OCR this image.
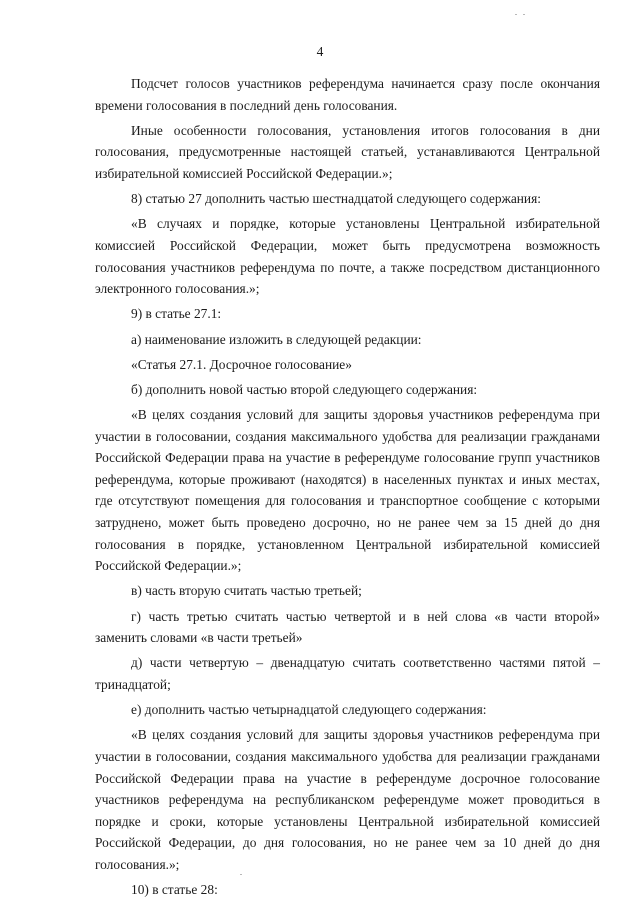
4

Подсчет голосов участников референдума начинается сразу после окончания времени голосования в последний день голосования.

Иные особенности голосования, установления итогов голосования в дни голосования, предусмотренные настоящей статьей, устанавливаются Центральной избирательной комиссией Российской Федерации.»;

8) статью 27 дополнить частью шестнадцатой следующего содержания:

«В случаях и порядке, которые установлены Центральной избирательной комиссией Российской Федерации, может быть предусмотрена возможность голосования участников референдума по почте, а также посредством дистанционного электронного голосования.»;

9) в статье 27.1:

а) наименование изложить в следующей редакции:

«Статья 27.1. Досрочное голосование»

б) дополнить новой частью второй следующего содержания:

«В целях создания условий для защиты здоровья участников референдума при участии в голосовании, создания максимального удобства для реализации гражданами Российской Федерации права на участие в референдуме голосование групп участников референдума, которые проживают (находятся) в населенных пунктах и иных местах, где отсутствуют помещения для голосования и транспортное сообщение с которыми затруднено, может быть проведено досрочно, но не ранее чем за 15 дней до дня голосования в порядке, установленном Центральной избирательной комиссией Российской Федерации.»;

в) часть вторую считать частью третьей;

г) часть третью считать частью четвертой и в ней слова «в части второй» заменить словами «в части третьей»

д) части четвертую – двенадцатую считать соответственно частями пятой – тринадцатой;

е) дополнить частью четырнадцатой следующего содержания:

«В целях создания условий для защиты здоровья участников референдума при участии в голосовании, создания максимального удобства для реализации гражданами Российской Федерации права на участие в референдуме досрочное голосование участников референдума на республиканском референдуме может проводиться в порядке и сроки, которые установлены Центральной избирательной комиссией Российской Федерации, до дня голосования, но не ранее чем за 10 дней до дня голосования.»;

10) в статье 28:
